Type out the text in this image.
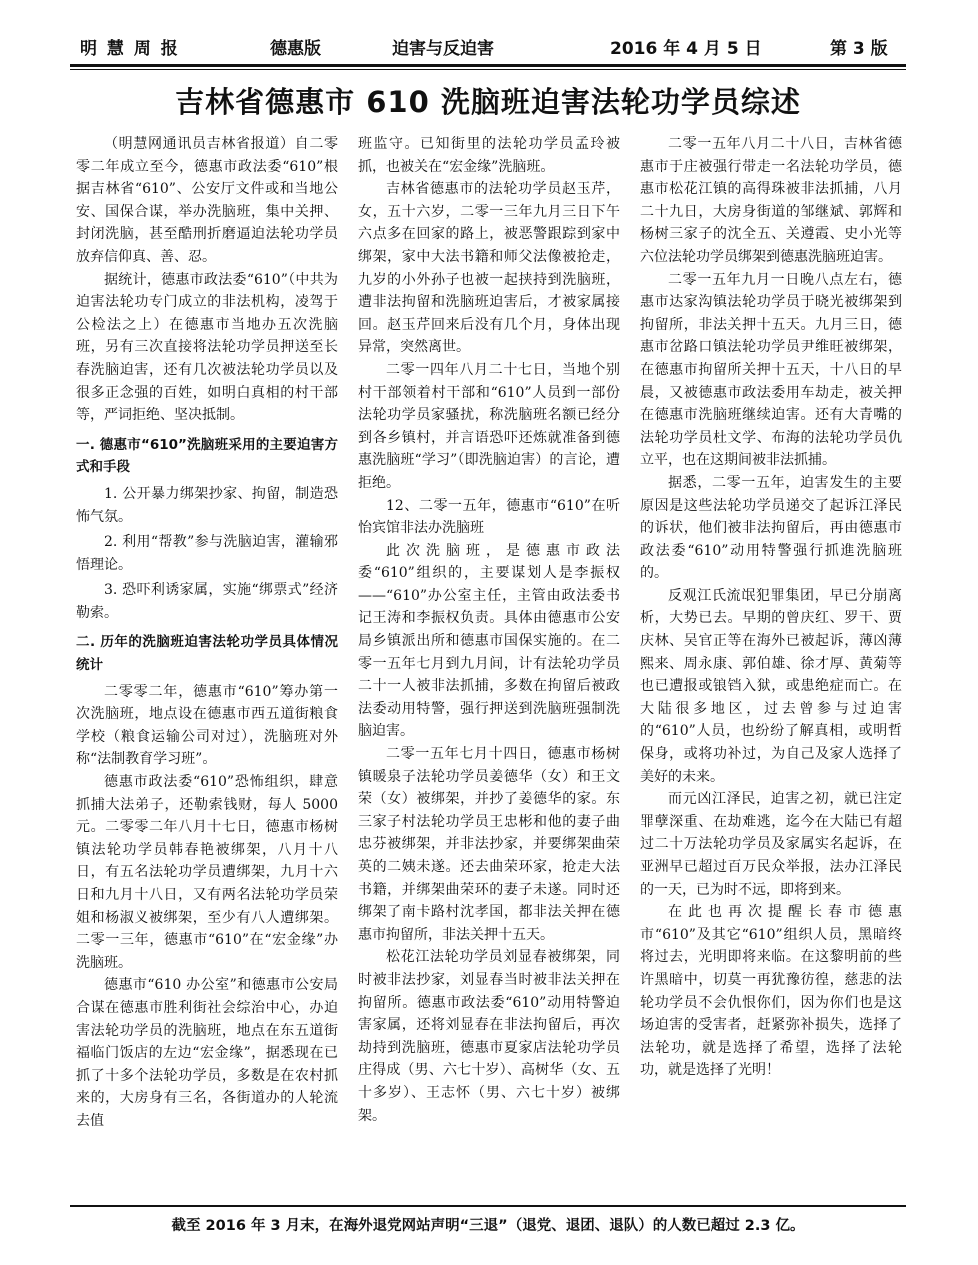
明 慧 周 报	德惠版	迫害与反迫害	2016 年 4 月 5 日	第 3 版
吉林省德惠市 610 洗脑班迫害法轮功学员综述

（明慧网通讯员吉林省报道）自二零零二年成立至今，德惠市政法委“610”根据吉林省“610”、公安厅文件或和当地公安、国保合谋，举办洗脑班，集中关押、封闭洗脑，甚至酷刑折磨逼迫法轮功学员放弃信仰真、善、忍。

据统计，德惠市政法委“610”（中共为迫害法轮功专门成立的非法机构，凌驾于公检法之上）在德惠市当地办五次洗脑班，另有三次直接将法轮功学员押送至长春洗脑迫害，还有几次被法轮功学员以及很多正念强的百姓，如明白真相的村干部等，严词拒绝、坚决抵制。

一. 德惠市“610”洗脑班采用的主要迫害方式和手段

1. 公开暴力绑架抄家、拘留，制造恐怖气氛。

2. 利用“帮教”参与洗脑迫害，灌输邪悟理论。

3. 恐吓利诱家属，实施“绑票式”经济勒索。

二. 历年的洗脑班迫害法轮功学员具体情况统计

二零零二年，德惠市“610”筹办第一次洗脑班，地点设在德惠市西五道街粮食学校（粮食运输公司对过），洗脑班对外称“法制教育学习班”。

德惠市政法委“610”恐怖组织，肆意抓捕大法弟子，还勒索钱财，每人 5000 元。二零零二年八月十七日，德惠市杨树镇法轮功学员韩春艳被绑架，八月十八日，有五名法轮功学员遭绑架，九月十六日和九月十八日，又有两名法轮功学员荣姐和杨淑义被绑架，至少有八人遭绑架。二零一三年，德惠市“610”在“宏金缘”办洗脑班。

德惠市“610 办公室”和德惠市公安局合谋在德惠市胜利街社会综治中心，办迫害法轮功学员的洗脑班，地点在东五道街福临门饭店的左边“宏金缘”，据悉现在已抓了十多个法轮功学员，多数是在农村抓来的，大房身有三名，各街道办的人轮流去值

班监守。已知街里的法轮功学员孟玲被抓，也被关在“宏金缘”洗脑班。

吉林省德惠市的法轮功学员赵玉芹，女，五十六岁，二零一三年九月三日下午六点多在回家的路上，被恶警跟踪到家中绑架，家中大法书籍和师父法像被抢走，九岁的小外孙子也被一起挟持到洗脑班，遭非法拘留和洗脑班迫害后，才被家属接回。赵玉芹回来后没有几个月，身体出现异常，突然离世。

二零一四年八月二十七日，当地个别村干部领着村干部和“610”人员到一部份法轮功学员家骚扰，称洗脑班名额已经分到各乡镇村，并言语恐吓还炼就准备到德惠洗脑班“学习”（即洗脑迫害）的言论，遭拒绝。

12、二零一五年，德惠市“610”在听怡宾馆非法办洗脑班

此次洗脑班，是德惠市政法委“610”组织的，主要谋划人是李振权——“610”办公室主任，主管由政法委书记王涛和李振权负责。具体由德惠市公安局乡镇派出所和德惠市国保实施的。在二零一五年七月到九月间，计有法轮功学员二十一人被非法抓捕，多数在拘留后被政法委动用特警，强行押送到洗脑班强制洗脑迫害。

二零一五年七月十四日，德惠市杨树镇暖泉子法轮功学员姜德华（女）和王文荣（女）被绑架，并抄了姜德华的家。东三家子村法轮功学员王忠彬和他的妻子曲忠芬被绑架，并非法抄家，并要绑架曲荣英的二姨未遂。还去曲荣环家，抢走大法书籍，并绑架曲荣环的妻子未遂。同时还绑架了南卡路村沈孝国，都非法关押在德惠市拘留所，非法关押十五天。

松花江法轮功学员刘显春被绑架，同时被非法抄家，刘显春当时被非法关押在拘留所。德惠市政法委“610”动用特警迫害家属，还将刘显春在非法拘留后，再次劫持到洗脑班，德惠市夏家店法轮功学员庄得成（男、六七十岁）、高树华（女、五十多岁）、王志怀（男、六七十岁）被绑架。

二零一五年八月二十八日，吉林省德惠市于庄被强行带走一名法轮功学员，德惠市松花江镇的高得珠被非法抓捕，八月二十九日，大房身街道的邹继斌、郭辉和杨树三家子的沈全五、关遵霞、史小光等六位法轮功学员绑架到德惠洗脑班迫害。

二零一五年九月一日晚八点左右，德惠市达家沟镇法轮功学员于晓光被绑架到拘留所，非法关押十五天。九月三日，德惠市岔路口镇法轮功学员尹维旺被绑架，在德惠市拘留所关押十五天，十八日的早晨，又被德惠市政法委用车劫走，被关押在德惠市洗脑班继续迫害。还有大青嘴的法轮功学员杜文学、布海的法轮功学员仇立平，也在这期间被非法抓捕。

据悉，二零一五年，迫害发生的主要原因是这些法轮功学员递交了起诉江泽民的诉状，他们被非法拘留后，再由德惠市政法委“610”动用特警强行抓進洗脑班的。

反观江氏流氓犯罪集团，早已分崩离析，大势已去。早期的曾庆红、罗干、贾庆林、吴官正等在海外已被起诉，薄凶薄熙来、周永康、郭伯雄、徐才厚、黄菊等也已遭报或锒铛入狱，或患绝症而亡。在大陆很多地区，过去曾参与过迫害的“610”人员，也纷纷了解真相，或明哲保身，或将功补过，为自己及家人选择了美好的未来。

而元凶江泽民，迫害之初，就已注定罪孽深重、在劫难逃，迄今在大陆已有超过二十万法轮功学员及家属实名起诉，在亚洲早已超过百万民众举报，法办江泽民的一天，已为时不远，即将到来。

在此也再次提醒长春市德惠市“610”及其它“610”组织人员，黑暗终将过去，光明即将来临。在这黎明前的些许黑暗中，切莫一再犹豫彷徨，慈悲的法轮功学员不会仇恨你们，因为你们也是这场迫害的受害者，赶紧弥补损失，选择了法轮功，就是选择了希望，选择了法轮功，就是选择了光明！

截至 2016 年 3 月末，在海外退党网站声明“三退”（退党、退团、退队）的人数已超过 2.3 亿。
